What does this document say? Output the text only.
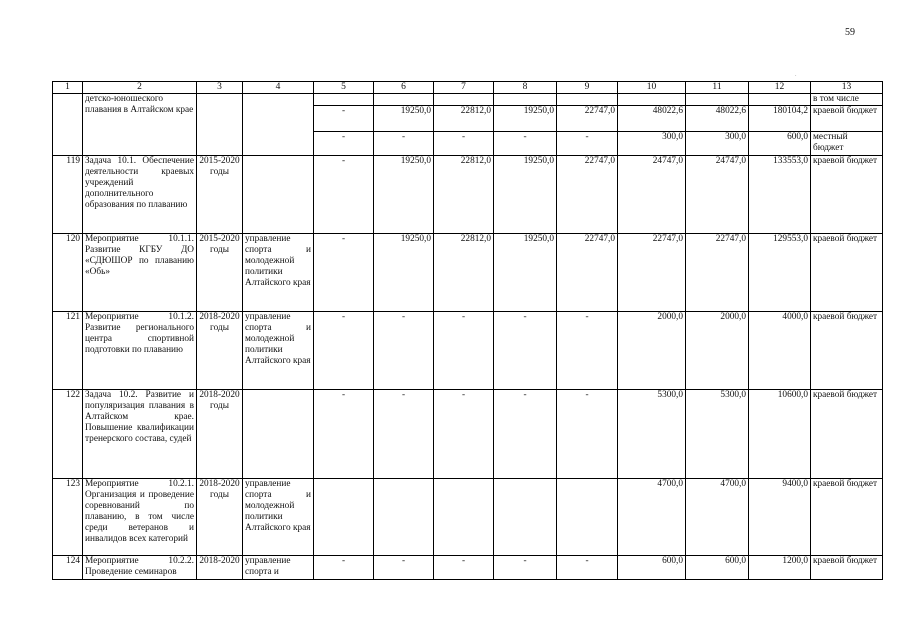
59
.
1	2	3	4	5	6	7	8	9	10	11	12	13
	детско-юношеского плавания в Алтайском крае											в том числе
				-	19250,0	22812,0	19250,0	22747,0	48022,6	48022,6	180104,2	краевой бюджет
				-	-	-	-	-	300,0	300,0	600,0	местный бюджет
119	Задача 10.1. Обеспечение деятельности краевых учреждений дополнительного образования по плаванию	2015-2020 годы		-	19250,0	22812,0	19250,0	22747,0	24747,0	24747,0	133553,0	краевой бюджет
120	Мероприятие 10.1.1. Развитие КГБУ ДО «СДЮШОР по плаванию «Обь»	2015-2020 годы	управление спорта и молодежной политики Алтайского края	-	19250,0	22812,0	19250,0	22747,0	22747,0	22747,0	129553,0	краевой бюджет
121	Мероприятие 10.1.2. Развитие регионального центра спортивной подготовки по плаванию	2018-2020 годы	управление спорта и молодежной политики Алтайского края	-	-	-	-	-	2000,0	2000,0	4000,0	краевой бюджет
122	Задача 10.2. Развитие и популяризация плавания в Алтайском крае. Повышение квалификации тренерского состава, судей	2018-2020 годы		-	-	-	-	-	5300,0	5300,0	10600,0	краевой бюджет
123	Мероприятие 10.2.1. Организация и проведение соревнований по плаванию, в том числе среди ветеранов и инвалидов всех категорий	2018-2020 годы	управление спорта и молодежной политики Алтайского края						4700,0	4700,0	9400,0	краевой бюджет
124	Мероприятие 10.2.2. Проведение семинаров	2018-2020	управление спорта и	-	-	-	-	-	600,0	600,0	1200,0	краевой бюджет
